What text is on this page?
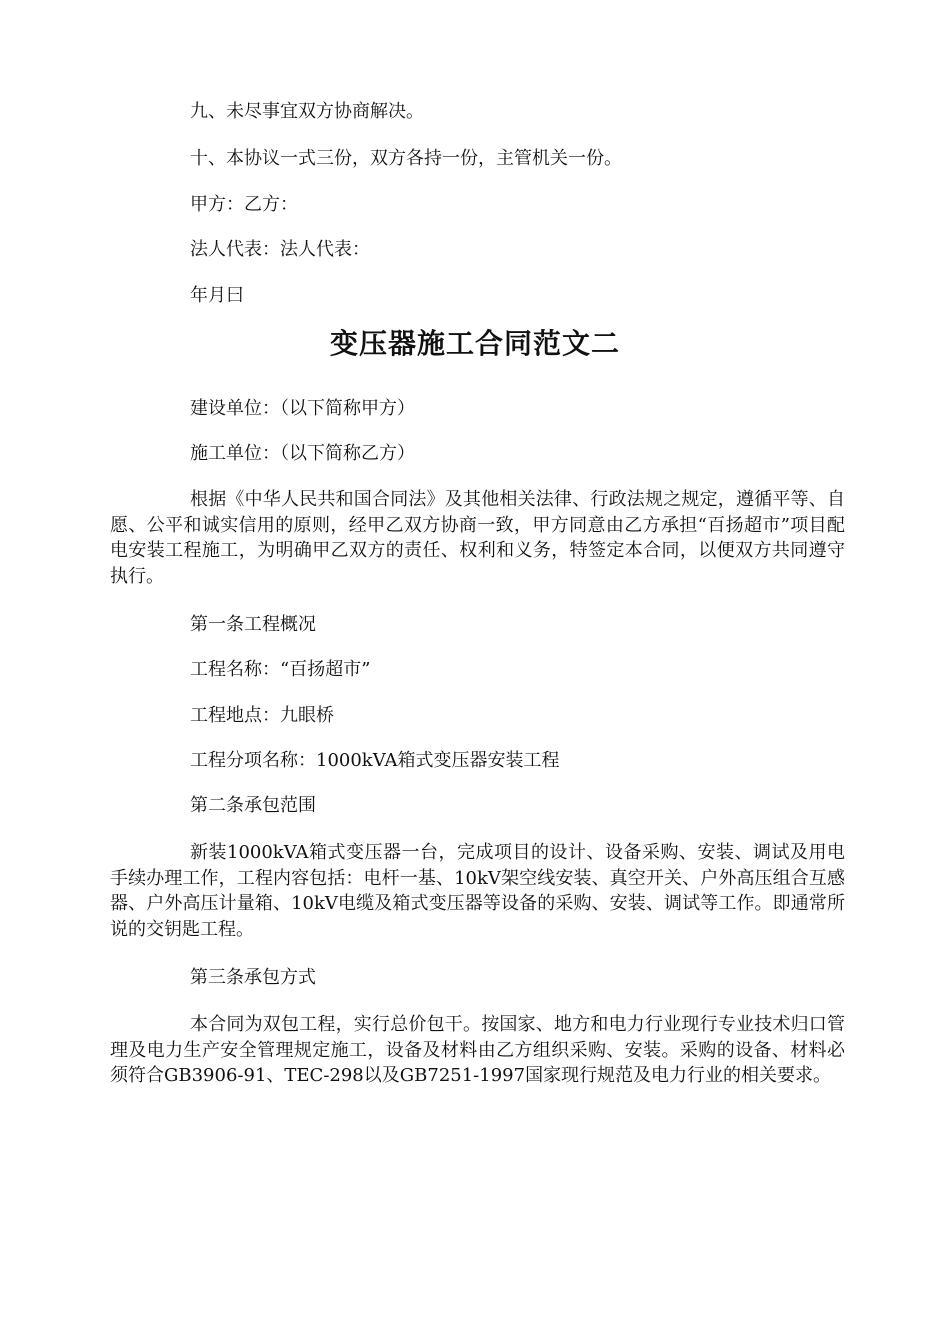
九、未尽事宜双方协商解决。
十、本协议一式三份，双方各持一份，主管机关一份。
甲方：乙方：
法人代表：法人代表：
年月曰
变压器施工合同范文二
建设单位：（以下简称甲方）
施工单位：（以下简称乙方）
根据《中华人民共和国合同法》及其他相关法律、行政法规之规定，遵循平等、自愿、公平和诚实信用的原则，经甲乙双方协商一致，甲方同意由乙方承担“百扬超市”项目配电安装工程施工，为明确甲乙双方的责任、权利和义务，特签定本合同，以便双方共同遵守执行。
第一条工程概况
工程名称：“百扬超市”
工程地点：九眼桥
工程分项名称：1000kVA箱式变压器安装工程
第二条承包范围
新装1000kVA箱式变压器一台，完成项目的设计、设备采购、安装、调试及用电手续办理工作，工程内容包括：电杆一基、10kV架空线安装、真空开关、户外高压组合互感器、户外高压计量箱、10kV电缆及箱式变压器等设备的采购、安装、调试等工作。即通常所说的交钥匙工程。
第三条承包方式
本合同为双包工程，实行总价包干。按国家、地方和电力行业现行专业技术归口管理及电力生产安全管理规定施工，设备及材料由乙方组织采购、安装。采购的设备、材料必须符合GB3906-91、TEC-298以及GB7251-1997国家现行规范及电力行业的相关要求。
